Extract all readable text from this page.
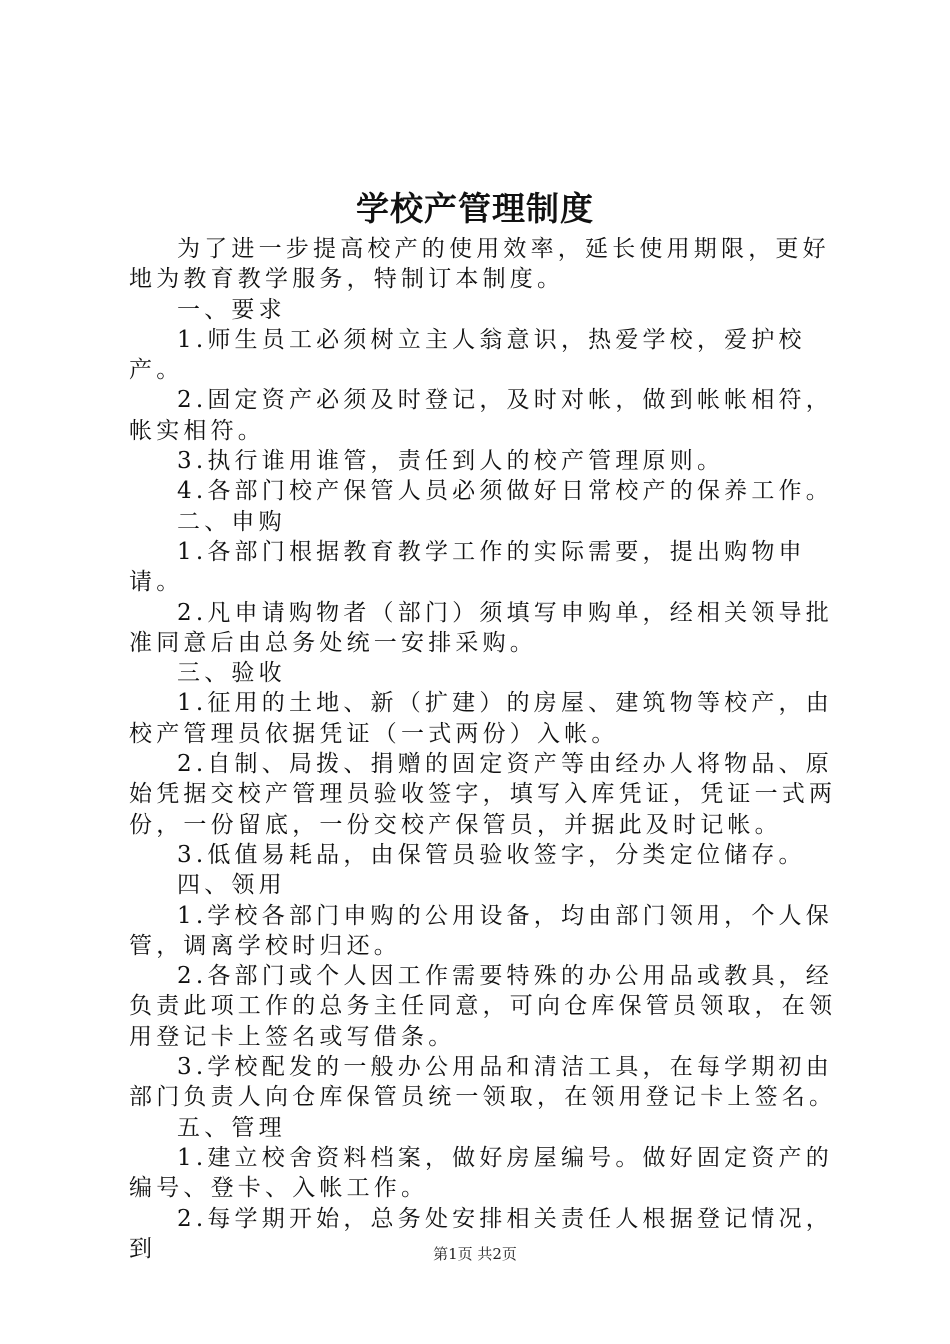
学校产管理制度

为了进一步提高校产的使用效率，延长使用期限，更好地为教育教学服务，特制订本制度。

一、要求

1.师生员工必须树立主人翁意识，热爱学校，爱护校产。

2.固定资产必须及时登记，及时对帐，做到帐帐相符，帐实相符。

3.执行谁用谁管，责任到人的校产管理原则。

4.各部门校产保管人员必须做好日常校产的保养工作。

二、申购

1.各部门根据教育教学工作的实际需要，提出购物申请。

2.凡申请购物者（部门）须填写申购单，经相关领导批准同意后由总务处统一安排采购。

三、验收

1.征用的土地、新（扩建）的房屋、建筑物等校产，由校产管理员依据凭证（一式两份）入帐。

2.自制、局拨、捐赠的固定资产等由经办人将物品、原始凭据交校产管理员验收签字，填写入库凭证，凭证一式两份，一份留底，一份交校产保管员，并据此及时记帐。

3.低值易耗品，由保管员验收签字，分类定位储存。

四、领用

1.学校各部门申购的公用设备，均由部门领用，个人保管，调离学校时归还。

2.各部门或个人因工作需要特殊的办公用品或教具，经负责此项工作的总务主任同意，可向仓库保管员领取，在领用登记卡上签名或写借条。

3.学校配发的一般办公用品和清洁工具，在每学期初由部门负责人向仓库保管员统一领取，在领用登记卡上签名。

五、管理

1.建立校舍资料档案，做好房屋编号。做好固定资产的编号、登卡、入帐工作。

2.每学期开始，总务处安排相关责任人根据登记情况，到	第1页 共2页
